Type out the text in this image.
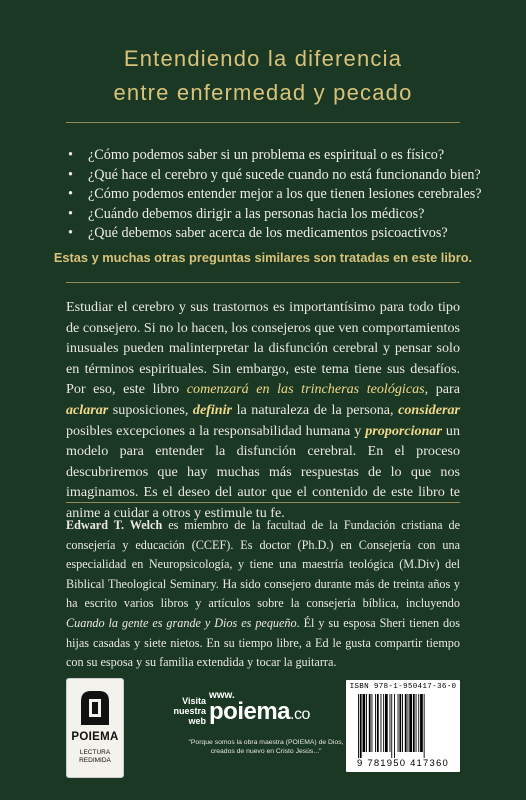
Entendiendo la diferencia
entre enfermedad y pecado
• ¿Cómo podemos saber si un problema es espiritual o es físico?
• ¿Qué hace el cerebro y qué sucede cuando no está funcionando bien?
• ¿Cómo podemos entender mejor a los que tienen lesiones cerebrales?
• ¿Cuándo debemos dirigir a las personas hacia los médicos?
• ¿Qué debemos saber acerca de los medicamentos psicoactivos?
Estas y muchas otras preguntas similares son tratadas en este libro.
Estudiar el cerebro y sus trastornos es importantísimo para todo tipo de consejero. Si no lo hacen, los consejeros que ven comportamientos inusuales pueden malinterpretar la disfunción cerebral y pensar solo en términos espirituales. Sin embargo, este tema tiene sus desafíos. Por eso, este libro comenzará en las trincheras teológicas, para aclarar suposiciones, definir la naturaleza de la persona, considerar posibles excepciones a la responsabilidad humana y proporcionar un modelo para entender la disfunción cerebral. En el proceso descubriremos que hay muchas más respuestas de lo que nos imaginamos. Es el deseo del autor que el contenido de este libro te anime a cuidar a otros y estimule tu fe.
Edward T. Welch es miembro de la facultad de la Fundación cristiana de consejería y educación (CCEF). Es doctor (Ph.D.) en Consejería con una especialidad en Neuropsicología, y tiene una maestría teológica (M.Div) del Biblical Theological Seminary. Ha sido consejero durante más de treinta años y ha escrito varios libros y artículos sobre la consejería bíblica, incluyendo Cuando la gente es grande y Dios es pequeño. Él y su esposa Sheri tienen dos hijas casadas y siete nietos. En su tiempo libre, a Ed le gusta compartir tiempo con su esposa y su familia extendida y tocar la guitarra.
POIEMA
LECTURA REDIMIDA
Visita
nuestra web
www.
poiema.co
"Porque somos la obra maestra (POIEMA) de Dios,
creados de nuevo en Cristo Jesús..."
ISBN 978-1-950417-36-0
9 781950 417360
